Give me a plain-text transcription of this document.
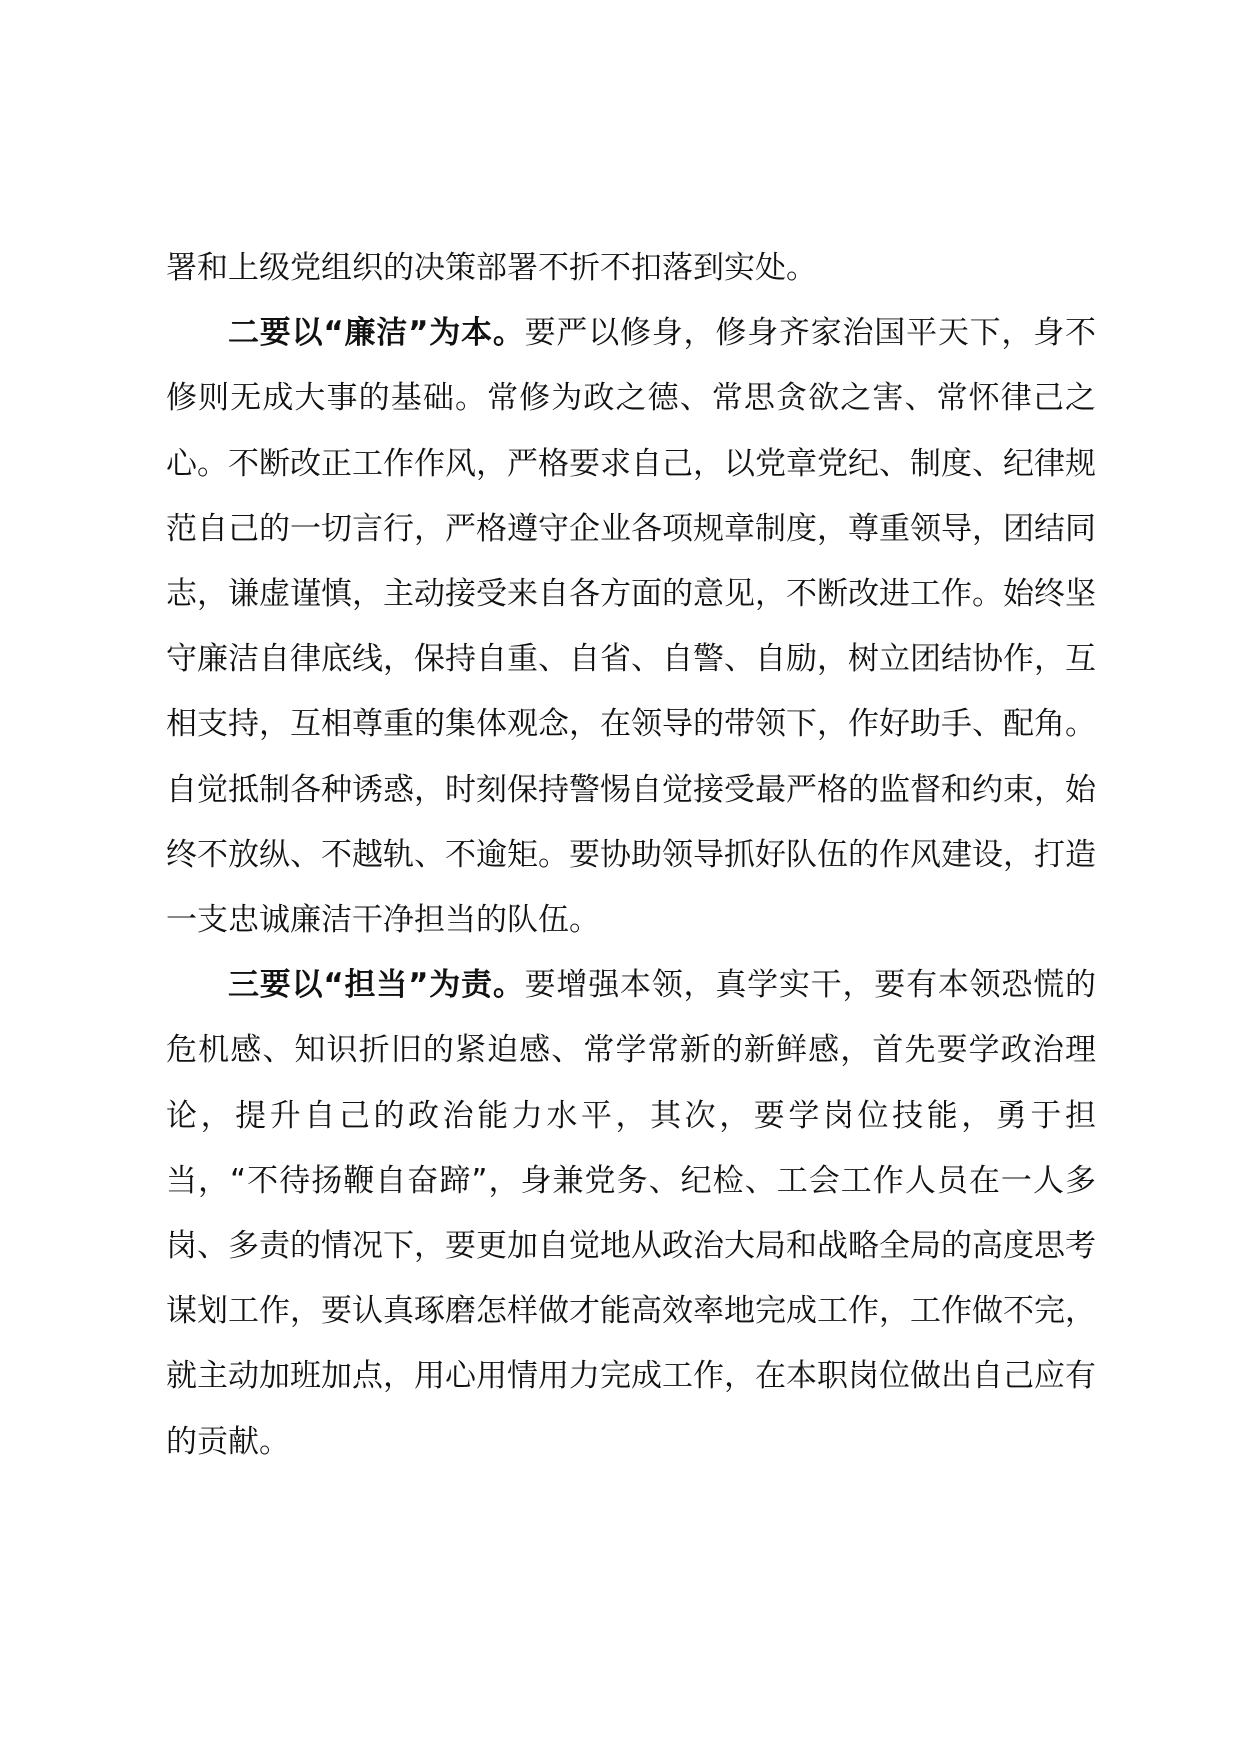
署和上级党组织的决策部署不折不扣落到实处。

二要以“廉洁”为本。要严以修身，修身齐家治国平天下，身不修则无成大事的基础。常修为政之德、常思贪欲之害、常怀律己之心。不断改正工作作风，严格要求自己，以党章党纪、制度、纪律规范自己的一切言行，严格遵守企业各项规章制度，尊重领导，团结同志，谦虚谨慎，主动接受来自各方面的意见，不断改进工作。始终坚守廉洁自律底线，保持自重、自省、自警、自励，树立团结协作，互相支持，互相尊重的集体观念，在领导的带领下，作好助手、配角。自觉抵制各种诱惑，时刻保持警惕自觉接受最严格的监督和约束，始终不放纵、不越轨、不逾矩。要协助领导抓好队伍的作风建设，打造一支忠诚廉洁干净担当的队伍。

三要以“担当”为责。要增强本领，真学实干，要有本领恐慌的危机感、知识折旧的紧迫感、常学常新的新鲜感，首先要学政治理论，提升自己的政治能力水平，其次，要学岗位技能，勇于担当，“不待扬鞭自奋蹄”，身兼党务、纪检、工会工作人员在一人多岗、多责的情况下，要更加自觉地从政治大局和战略全局的高度思考谋划工作，要认真琢磨怎样做才能高效率地完成工作，工作做不完，就主动加班加点，用心用情用力完成工作，在本职岗位做出自己应有的贡献。
